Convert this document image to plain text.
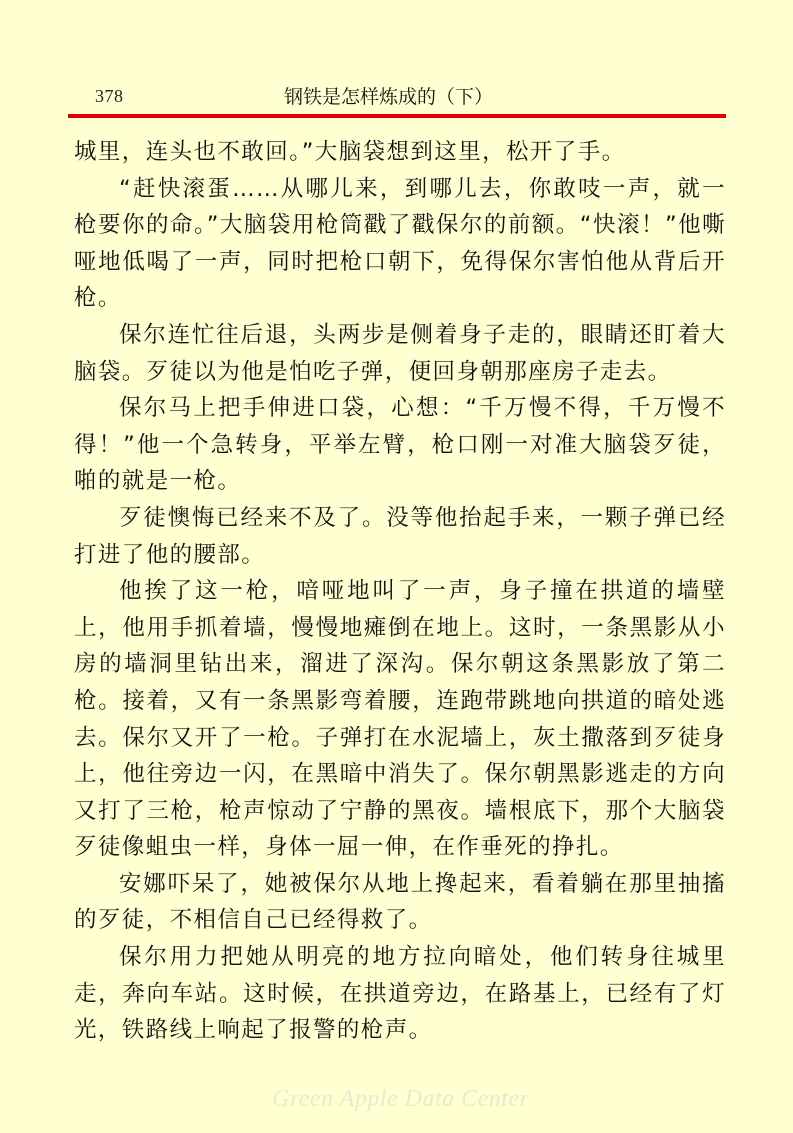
378	钢铁是怎样炼成的（下）

城里，连头也不敢回。”大脑袋想到这里，松开了手。

“赶快滚蛋……从哪儿来，到哪儿去，你敢吱一声，就一枪要你的命。”大脑袋用枪筒戳了戳保尔的前额。“快滚！”他嘶哑地低喝了一声，同时把枪口朝下，免得保尔害怕他从背后开枪。

保尔连忙往后退，头两步是侧着身子走的，眼睛还盯着大脑袋。歹徒以为他是怕吃子弹，便回身朝那座房子走去。

保尔马上把手伸进口袋，心想：“千万慢不得，千万慢不得！”他一个急转身，平举左臂，枪口刚一对准大脑袋歹徒，啪的就是一枪。

歹徒懊悔已经来不及了。没等他抬起手来，一颗子弹已经打进了他的腰部。

他挨了这一枪，喑哑地叫了一声，身子撞在拱道的墙壁上，他用手抓着墙，慢慢地瘫倒在地上。这时，一条黑影从小房的墙洞里钻出来，溜进了深沟。保尔朝这条黑影放了第二枪。接着，又有一条黑影弯着腰，连跑带跳地向拱道的暗处逃去。保尔又开了一枪。子弹打在水泥墙上，灰土撒落到歹徒身上，他往旁边一闪，在黑暗中消失了。保尔朝黑影逃走的方向又打了三枪，枪声惊动了宁静的黑夜。墙根底下，那个大脑袋歹徒像蛆虫一样，身体一屈一伸，在作垂死的挣扎。

安娜吓呆了，她被保尔从地上搀起来，看着躺在那里抽搐的歹徒，不相信自己已经得救了。

保尔用力把她从明亮的地方拉向暗处，他们转身往城里走，奔向车站。这时候，在拱道旁边，在路基上，已经有了灯光，铁路线上响起了报警的枪声。

Green Apple Data Center
